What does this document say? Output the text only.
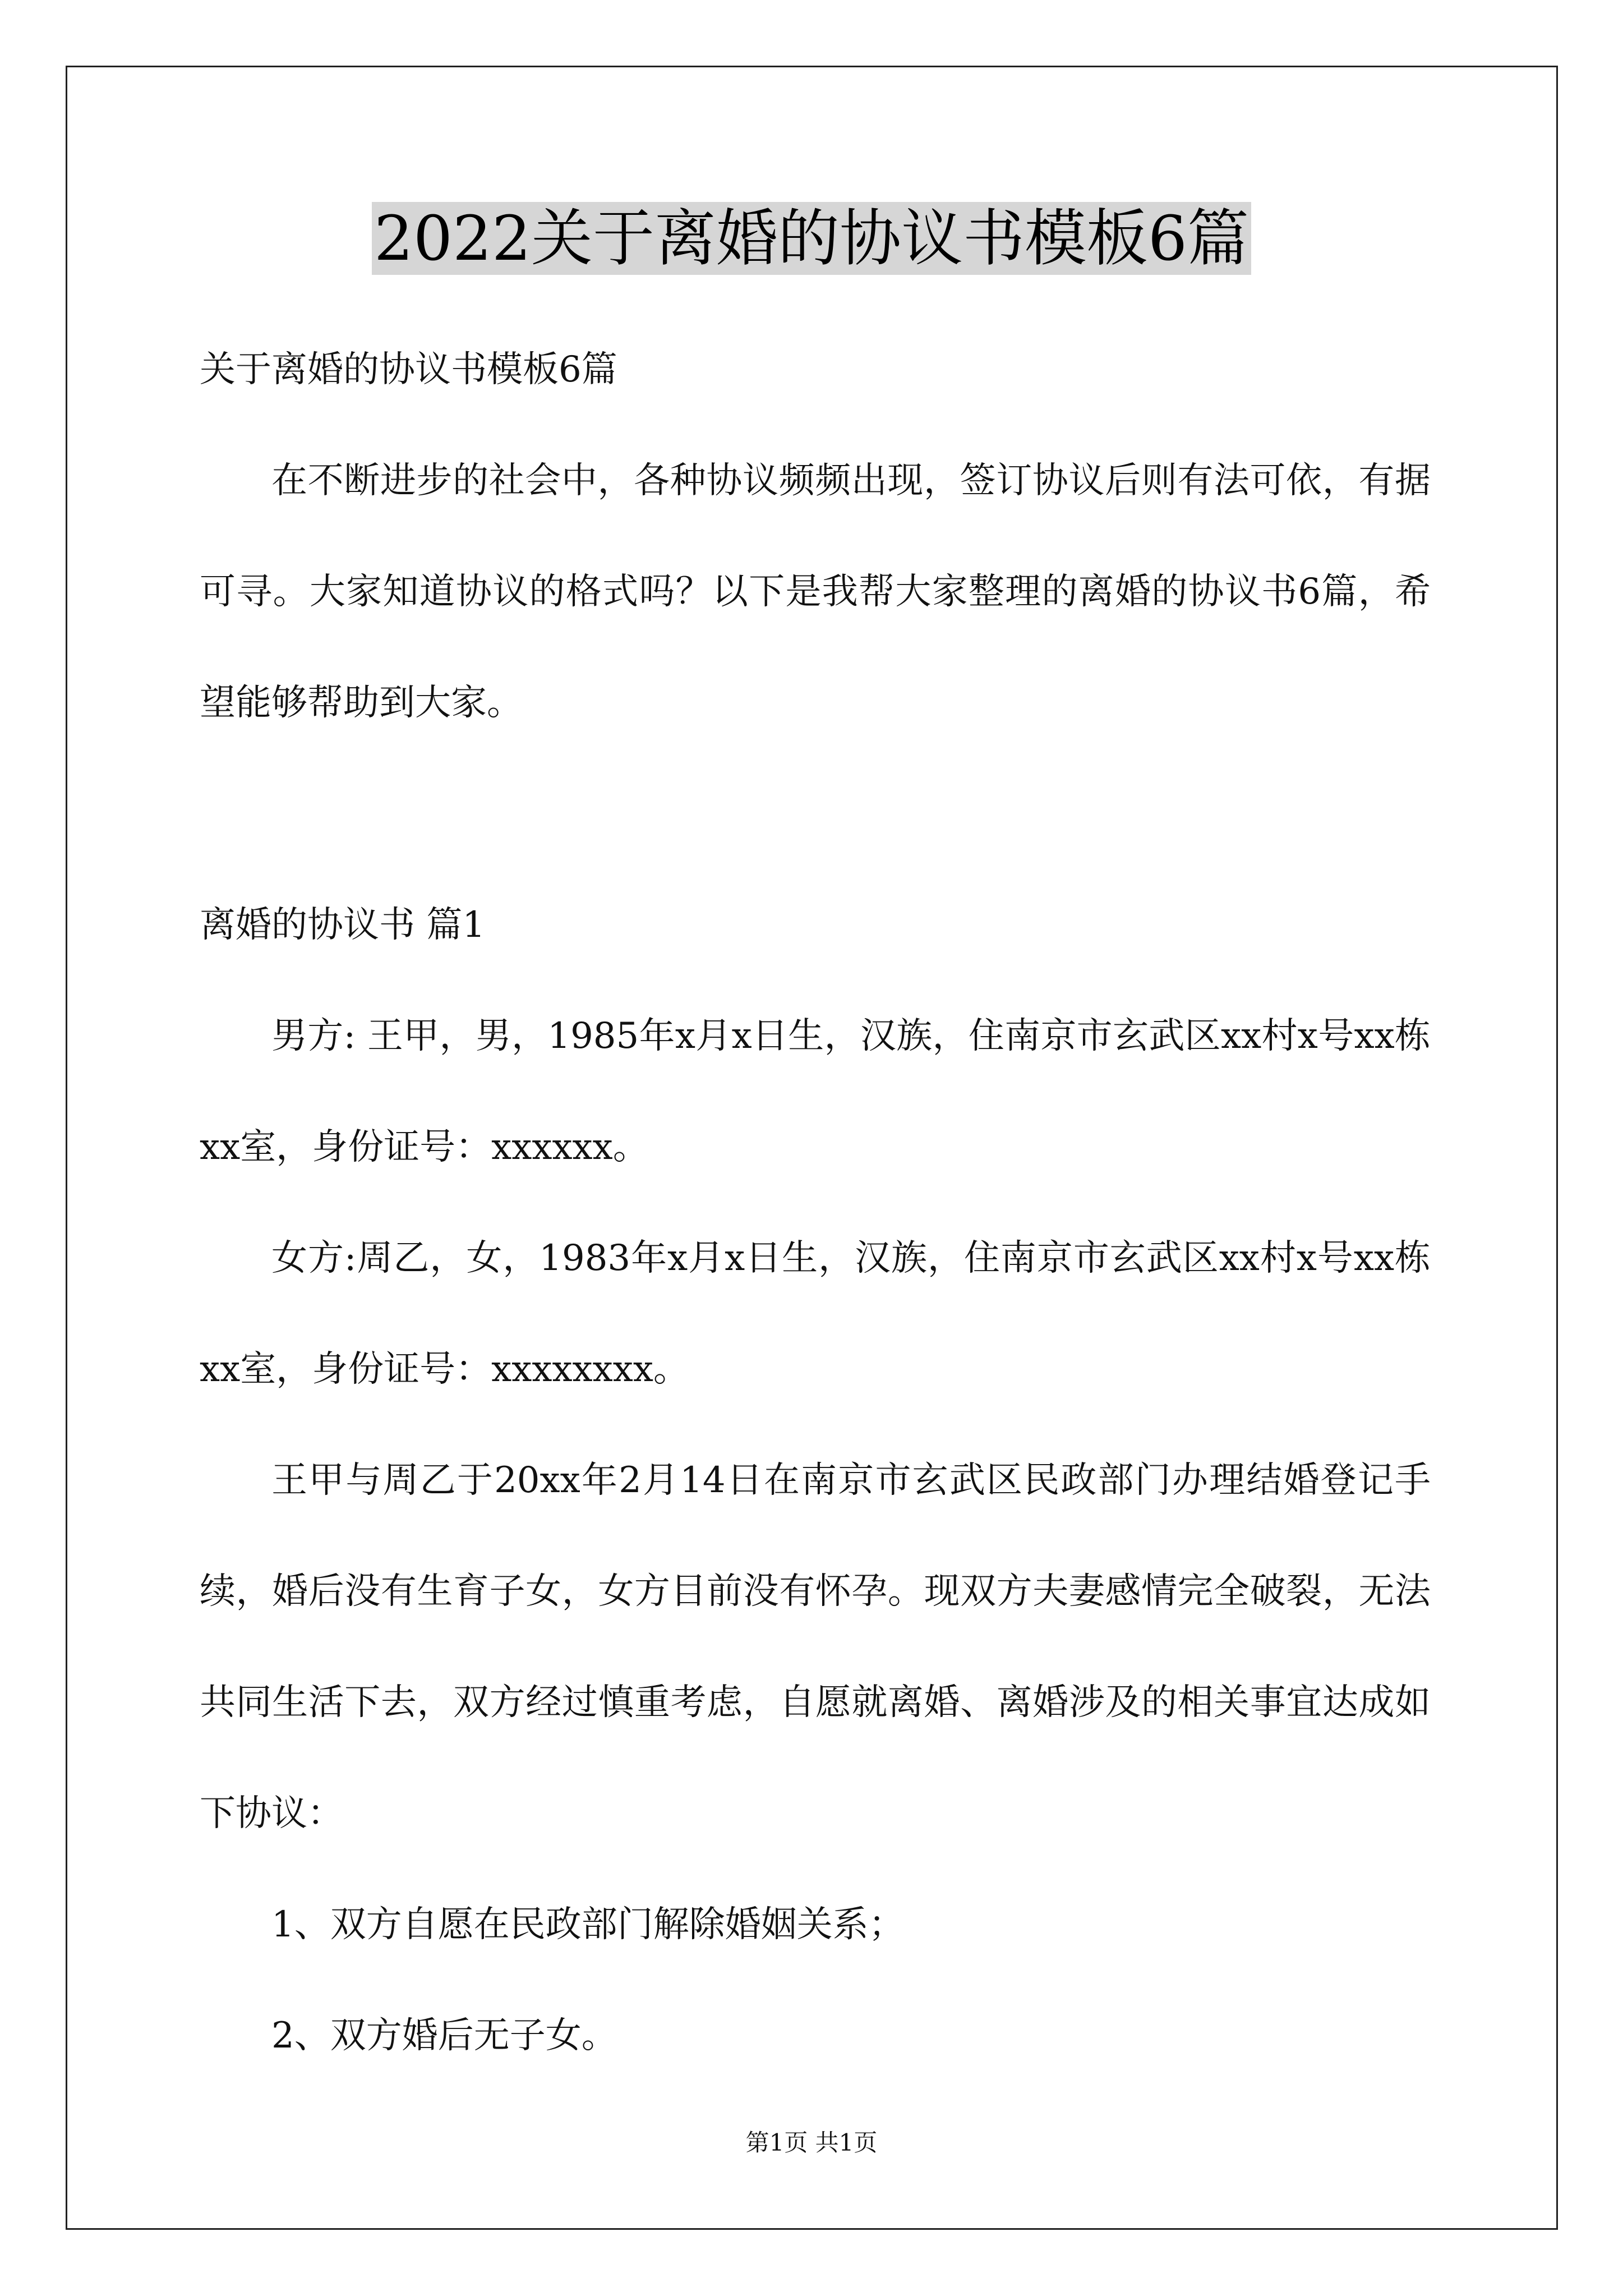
2022关于离婚的协议书模板6篇

关于离婚的协议书模板6篇

在不断进步的社会中，各种协议频频出现，签订协议后则有法可依，有据可寻。大家知道协议的格式吗？以下是我帮大家整理的离婚的协议书6篇，希望能够帮助到大家。

离婚的协议书 篇1

男方: 王甲，男，1985年x月x日生，汉族，住南京市玄武区xx村x号xx栋xx室，身份证号：xxxxxx。

女方:周乙，女，1983年x月x日生，汉族，住南京市玄武区xx村x号xx栋xx室，身份证号：xxxxxxxx。

王甲与周乙于20xx年2月14日在南京市玄武区民政部门办理结婚登记手续，婚后没有生育子女，女方目前没有怀孕。现双方夫妻感情完全破裂，无法共同生活下去，双方经过慎重考虑，自愿就离婚、离婚涉及的相关事宜达成如下协议：

1、双方自愿在民政部门解除婚姻关系；

2、双方婚后无子女。

第1页 共1页
